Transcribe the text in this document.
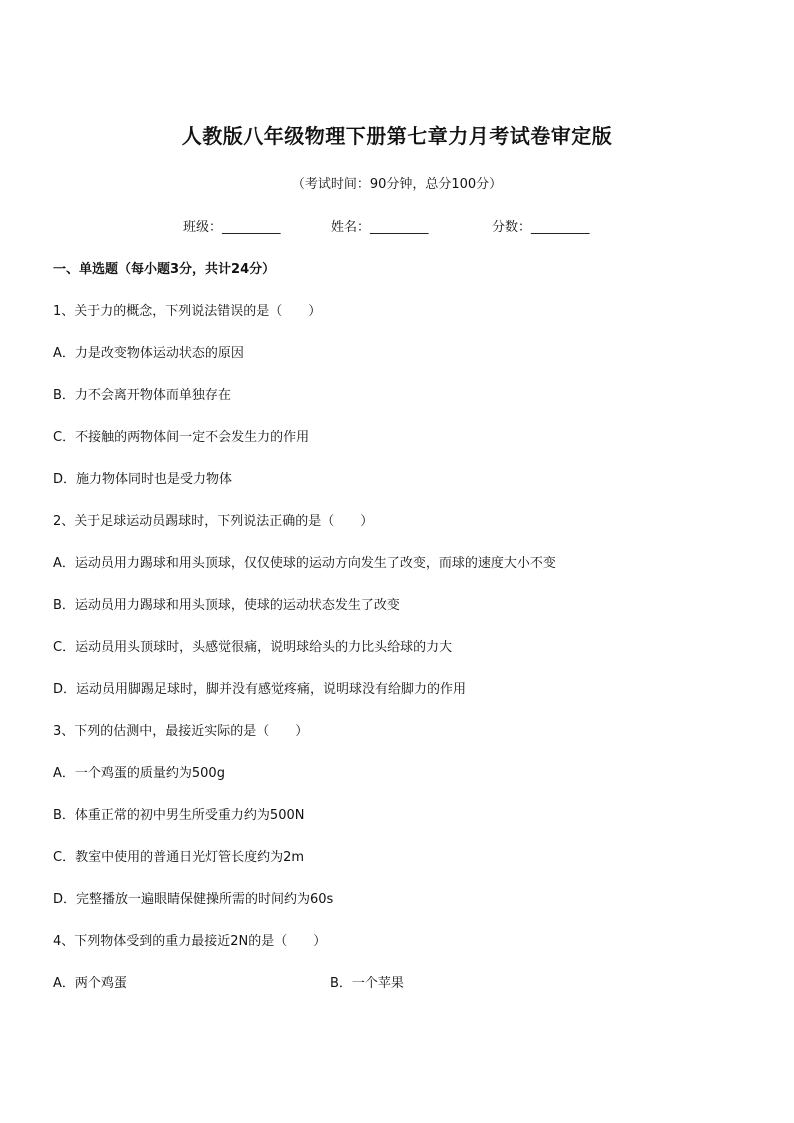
人教版八年级物理下册第七章力月考试卷审定版
（考试时间：90分钟，总分100分）
班级：_________	姓名：_________	分数：_________
一、单选题（每小题3分，共计24分）
1、关于力的概念，下列说法错误的是（　　）
A．力是改变物体运动状态的原因
B．力不会离开物体而单独存在
C．不接触的两物体间一定不会发生力的作用
D．施力物体同时也是受力物体
2、关于足球运动员踢球时，下列说法正确的是（　　）
A．运动员用力踢球和用头顶球，仅仅使球的运动方向发生了改变，而球的速度大小不变
B．运动员用力踢球和用头顶球，使球的运动状态发生了改变
C．运动员用头顶球时，头感觉很痛，说明球给头的力比头给球的力大
D．运动员用脚踢足球时，脚并没有感觉疼痛，说明球没有给脚力的作用
3、下列的估测中，最接近实际的是（　　）
A．一个鸡蛋的质量约为500g
B．体重正常的初中男生所受重力约为500N
C．教室中使用的普通日光灯管长度约为2m
D．完整播放一遍眼睛保健操所需的时间约为60s
4、下列物体受到的重力最接近2N的是（　　）
A．两个鸡蛋	B．一个苹果
